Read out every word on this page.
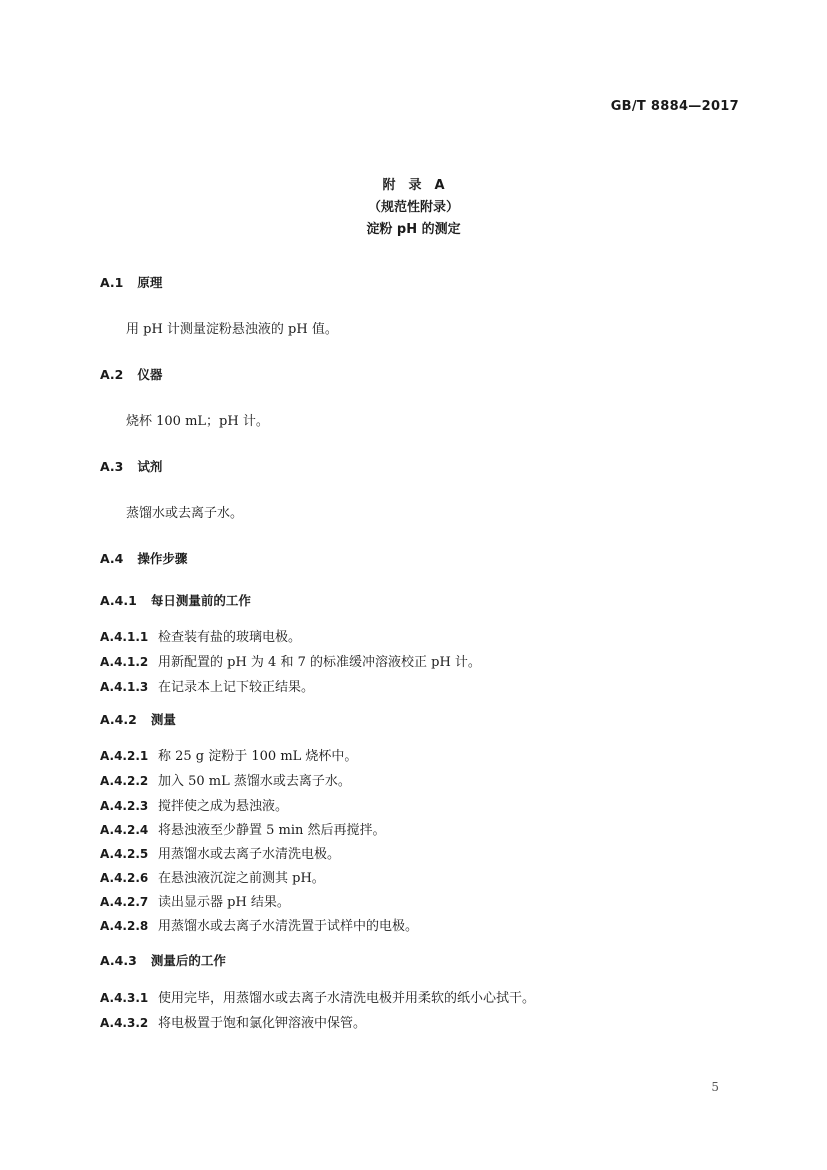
GB/T 8884—2017
附　录　A
（规范性附录）
淀粉 pH 的测定
A.1 原理
用 pH 计测量淀粉悬浊液的 pH 值。
A.2 仪器
烧杯 100 mL；pH 计。
A.3 试剂
蒸馏水或去离子水。
A.4 操作步骤
A.4.1 每日测量前的工作
A.4.1.1 检查装有盐的玻璃电极。
A.4.1.2 用新配置的 pH 为 4 和 7 的标准缓冲溶液校正 pH 计。
A.4.1.3 在记录本上记下较正结果。
A.4.2 测量
A.4.2.1 称 25 g 淀粉于 100 mL 烧杯中。
A.4.2.2 加入 50 mL 蒸馏水或去离子水。
A.4.2.3 搅拌使之成为悬浊液。
A.4.2.4 将悬浊液至少静置 5 min 然后再搅拌。
A.4.2.5 用蒸馏水或去离子水清洗电极。
A.4.2.6 在悬浊液沉淀之前测其 pH。
A.4.2.7 读出显示器 pH 结果。
A.4.2.8 用蒸馏水或去离子水清洗置于试样中的电极。
A.4.3 测量后的工作
A.4.3.1 使用完毕，用蒸馏水或去离子水清洗电极并用柔软的纸小心拭干。
A.4.3.2 将电极置于饱和氯化钾溶液中保管。
5
